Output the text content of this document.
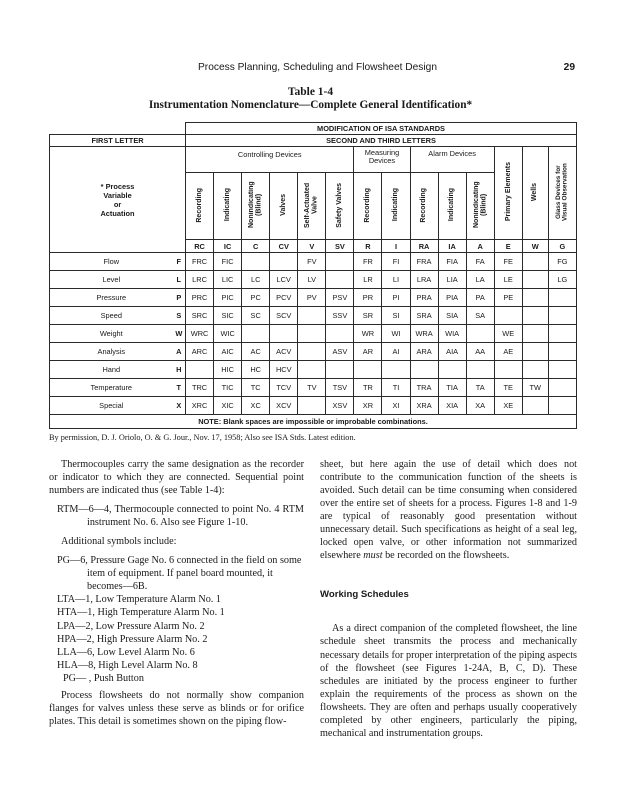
Process Planning, Scheduling and Flowsheet Design	29
Table 1-4
Instrumentation Nomenclature—Complete General Identification*
		MODIFICATION OF ISA STANDARDS													
FIRST LETTER		SECOND AND THIRD LETTERS													

* Process
Variable
or
Actuation		Controlling Devices						Measuring Devices		Alarm Devices			Primary Elements	Wells	Glass Devices for Visual Observation
		Recording	Indicating	Nonindicating (Blind)	Valves	Self-Actuated Valve	Safety Valves	Recording	Indicating	Recording	Indicating	Nonindicating (Blind)			
		RC	IC	C	CV	V	SV	R	I	RA	IA	A	E	W	G
Flow	F	FRC	FIC			FV		FR	FI	FRA	FIA	FA	FE		FG
Level	L	LRC	LIC	LC	LCV	LV		LR	LI	LRA	LIA	LA	LE		LG
Pressure	P	PRC	PIC	PC	PCV	PV	PSV	PR	PI	PRA	PIA	PA	PE		
Speed	S	SRC	SIC	SC	SCV		SSV	SR	SI	SRA	SIA	SA			
Weight	W	WRC	WIC					WR	WI	WRA	WIA		WE		
Analysis	A	ARC	AIC	AC	ACV		ASV	AR	AI	ARA	AIA	AA	AE		
Hand	H		HIC	HC	HCV										
Temperature	T	TRC	TIC	TC	TCV	TV	TSV	TR	TI	TRA	TIA	TA	TE	TW	
Special	X	XRC	XIC	XC	XCV		XSV	XR	XI	XRA	XIA	XA	XE		
NOTE: Blank spaces are impossible or improbable combinations.															
By permission, D. J. Oriolo, O. & G. Jour., Nov. 17, 1958; Also see ISA Stds. Latest edition.

Thermocouples carry the same designation as the recorder or indicator to which they are connected. Sequential point numbers are indicated thus (see Table 1-4):

RTM—6—4, Thermocouple connected to point No. 4 RTM instrument No. 6. Also see Figure 1-10.

Additional symbols include:

PG—6, Pressure Gage No. 6 connected in the field on some item of equipment. If panel board mounted, it becomes—6B.

LTA—1, Low Temperature Alarm No. 1

HTA—1, High Temperature Alarm No. 1

LPA—2, Low Pressure Alarm No. 2

HPA—2, High Pressure Alarm No. 2

LLA—6, Low Level Alarm No. 6

HLA—8, High Level Alarm No. 8

PG— , Push Button

Process flowsheets do not normally show companion flanges for valves unless these serve as blinds or for orifice plates. This detail is sometimes shown on the piping flow-

sheet, but here again the use of detail which does not contribute to the communication function of the sheets is avoided. Such detail can be time consuming when considered over the entire set of sheets for a process. Figures 1-8 and 1-9 are typical of reasonably good presentation without unnecessary detail. Such specifications as height of a seal leg, locked open valve, or other information not summarized elsewhere must be recorded on the flowsheets.

Working Schedules

As a direct companion of the completed flowsheet, the line schedule sheet transmits the process and mechanically necessary details for proper interpretation of the piping aspects of the flowsheet (see Figures 1-24A, B, C, D). These schedules are initiated by the process engineer to further explain the requirements of the process as shown on the flowsheets. They are often and perhaps usually cooperatively completed by other engineers, particularly the piping, mechanical and instrumentation groups.
